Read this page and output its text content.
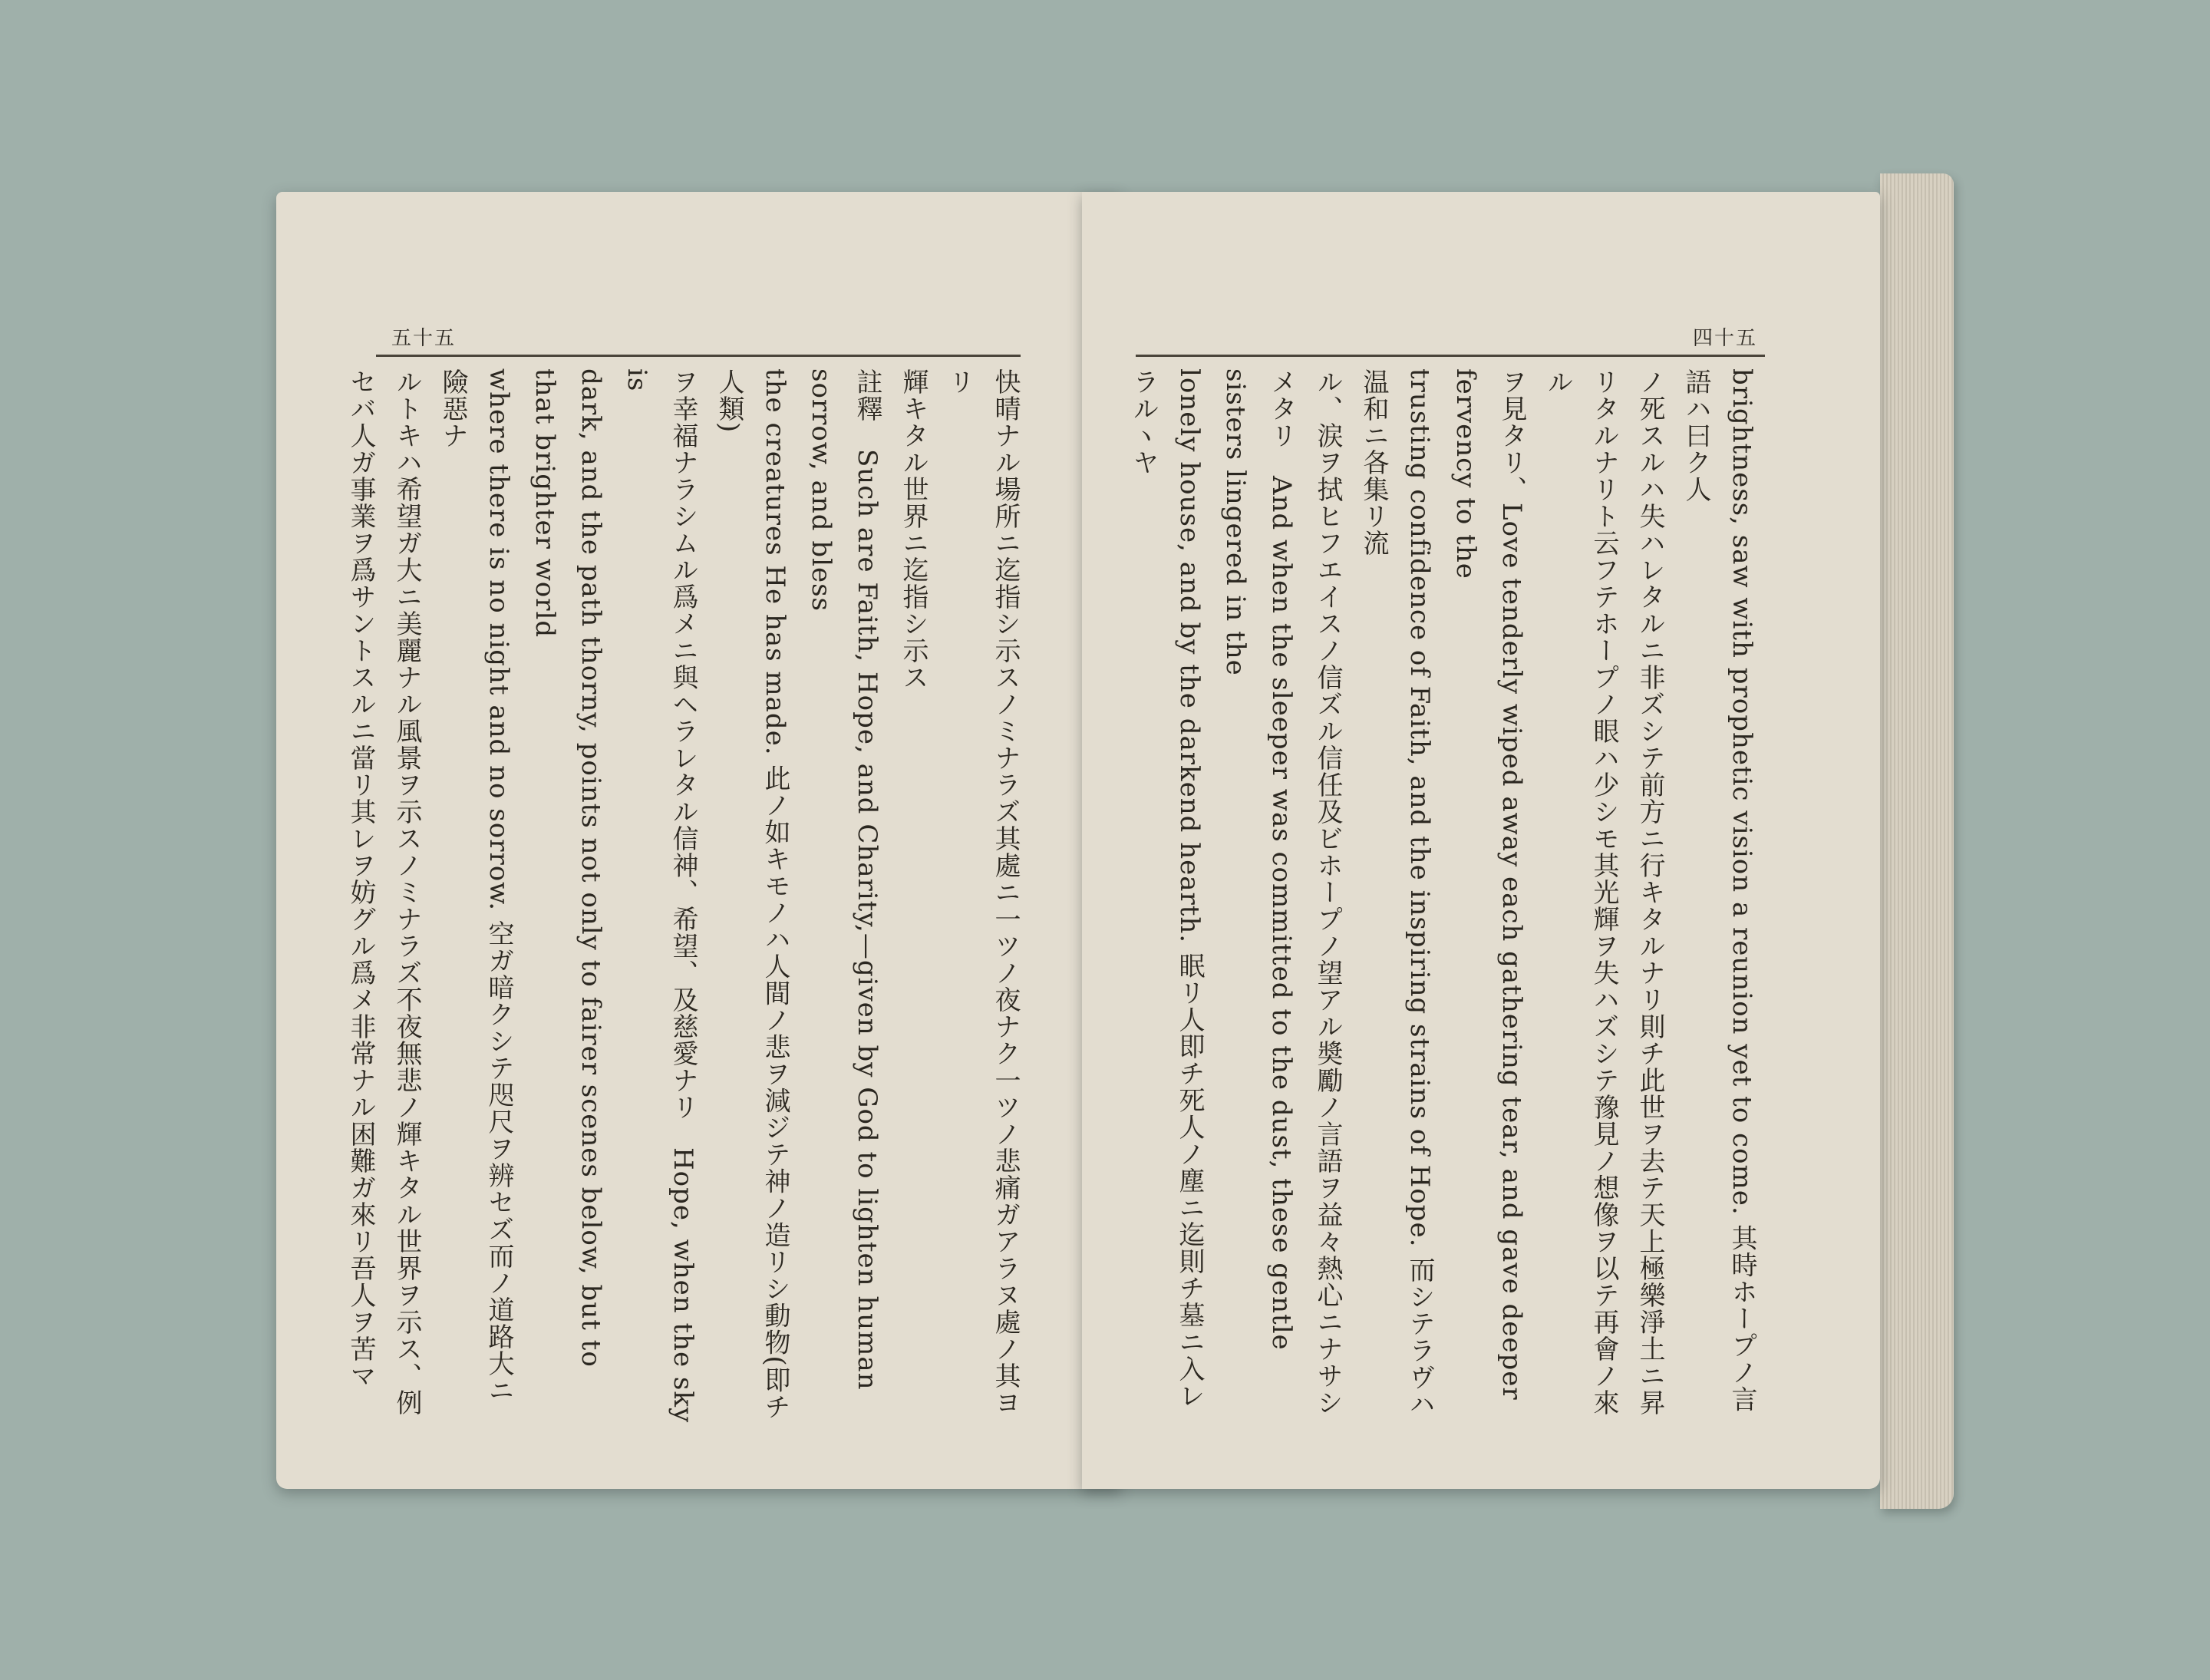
五十五

快晴ナル場所ニ迄指シ示スノミナラズ其處ニ一ツノ夜ナク一ツノ悲痛ガアラヌ處ノ其ヨリ

輝キタル世界ニ迄指シ示ス

註釋　Such are Faith, Hope, and Charity,—given by God to lighten human sorrow, and bless

the creatures He has made. 此ノ如キモノハ人間ノ悲ヲ減ジテ神ノ造リシ動物(即チ人類)

ヲ幸福ナラシムル爲メニ與ヘラレタル信神、希望、及慈愛ナリ　Hope, when the sky is

dark, and the path thorny, points not only to fairer scenes below, but to that brighter world

where there is no night and no sorrow. 空ガ暗クシテ咫尺ヲ辨セズ而ノ道路大ニ險惡ナ

ルトキハ希望ガ大ニ美麗ナル風景ヲ示スノミナラズ不夜無悲ノ輝キタル世界ヲ示ス、例

セバ人ガ事業ヲ爲サントスルニ當リ其レヲ妨グル爲メ非常ナル困難ガ來リ吾人ヲ苦マ

四十五

brightness, saw with prophetic vision a reunion yet to come. 其時ホープノ言語ハ曰ク人

ノ死スルハ失ハレタルニ非ズシテ前方ニ行キタルナリ則チ此世ヲ去テ天上極樂淨土ニ昇

リタルナリト云フテホープノ眼ハ少シモ其光輝ヲ失ハズシテ豫見ノ想像ヲ以テ再會ノ來ル

ヲ見タリ、Love tenderly wiped away each gathering tear, and gave deeper fervency to the

trusting confidence of Faith, and the inspiring strains of Hope. 而シテラヴハ温和ニ各集リ流

ル、涙ヲ拭ヒフエイスノ信ズル信任及ビホープノ望アル奬勵ノ言語ヲ益々熱心ニナサシ

メタリ　And when the sleeper was committed to the dust, these gentle sisters lingered in the

lonely house, and by the darkend hearth. 眠リ人即チ死人ノ塵ニ迄則チ墓ニ入レラルヽヤ
